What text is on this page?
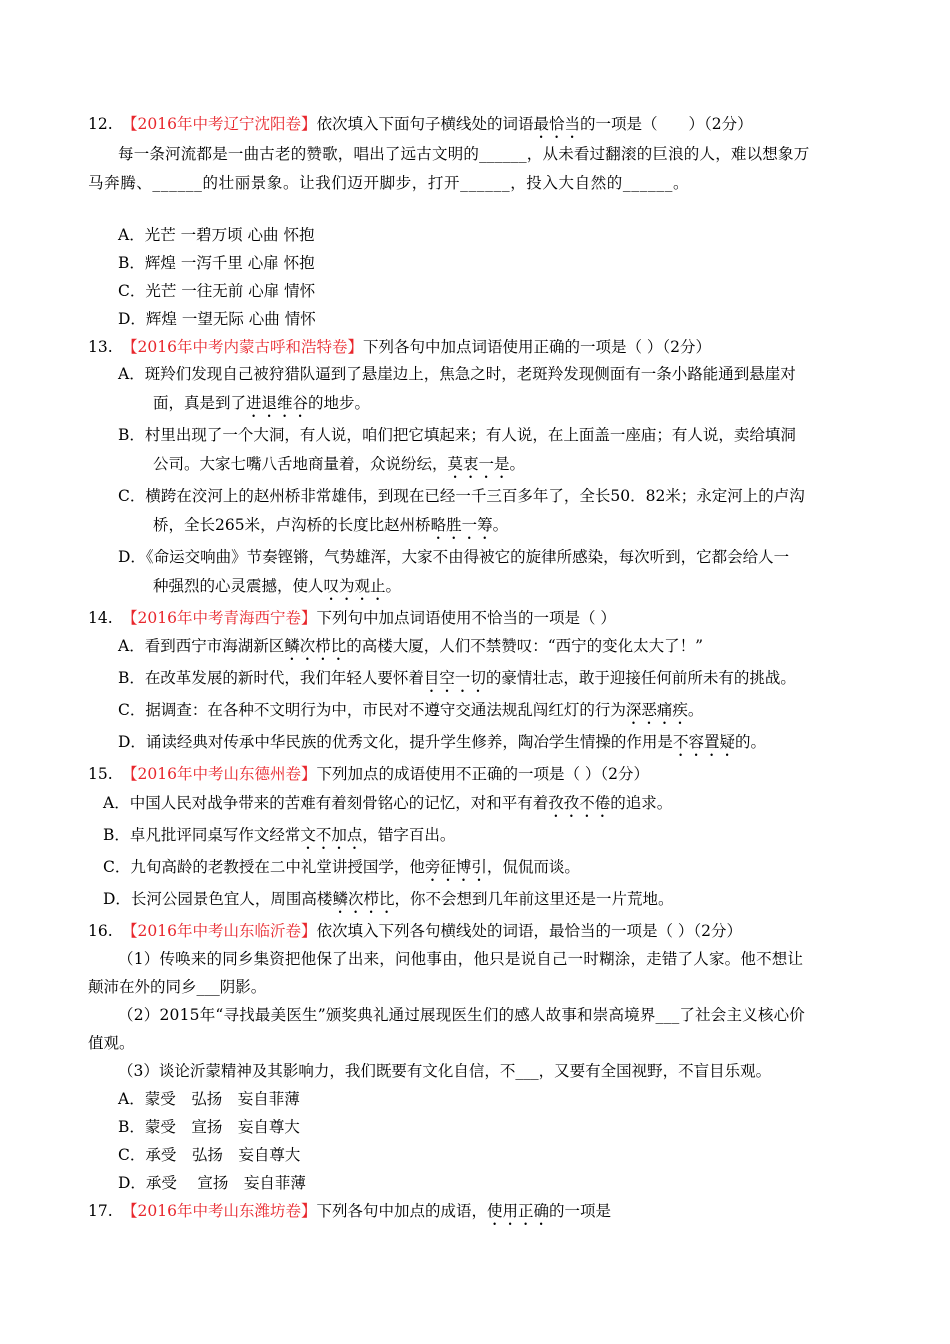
12. 【2016年中考辽宁沈阳卷】依次填入下面句子横线处的词语最恰当的一项是（　　）（2分）
每一条河流都是一曲古老的赞歌，唱出了远古文明的______，从未看过翻滚的巨浪的人，难以想象万
马奔腾、______的壮丽景象。让我们迈开脚步，打开______，投入大自然的______。
A．光芒 一碧万顷 心曲 怀抱
B．辉煌 一泻千里 心扉 怀抱
C．光芒 一往无前 心扉 情怀
D．辉煌 一望无际 心曲 情怀
13. 【2016年中考内蒙古呼和浩特卷】下列各句中加点词语使用正确的一项是（ ）（2分）
A．斑羚们发现自己被狩猎队逼到了悬崖边上，焦急之时，老斑羚发现侧面有一条小路能通到悬崖对
面，真是到了进退维谷的地步。
B．村里出现了一个大洞，有人说，咱们把它填起来；有人说，在上面盖一座庙；有人说，卖给填洞
公司。大家七嘴八舌地商量着，众说纷纭，莫衷一是。
C．横跨在洨河上的赵州桥非常雄伟，到现在已经一千三百多年了，全长50．82米；永定河上的卢沟
桥，全长265米，卢沟桥的长度比赵州桥略胜一筹。
D．《命运交响曲》节奏铿锵，气势雄浑，大家不由得被它的旋律所感染，每次听到，它都会给人一
种强烈的心灵震撼，使人叹为观止。
14. 【2016年中考青海西宁卷】下列句中加点词语使用不恰当的一项是（ ）
A．看到西宁市海湖新区鳞次栉比的高楼大厦，人们不禁赞叹：“西宁的变化太大了！”
B．在改革发展的新时代，我们年轻人要怀着目空一切的豪情壮志，敢于迎接任何前所未有的挑战。
C．据调查：在各种不文明行为中，市民对不遵守交通法规乱闯红灯的行为深恶痛疾。
D．诵读经典对传承中华民族的优秀文化，提升学生修养，陶冶学生情操的作用是不容置疑的。
15. 【2016年中考山东德州卷】下列加点的成语使用不正确的一项是（ ）（2分）
A．中国人民对战争带来的苦难有着刻骨铭心的记忆，对和平有着孜孜不倦的追求。
B．卓凡批评同桌写作文经常文不加点，错字百出。
C．九旬高龄的老教授在二中礼堂讲授国学，他旁征博引，侃侃而谈。
D．长河公园景色宜人，周围高楼鳞次栉比，你不会想到几年前这里还是一片荒地。
16. 【2016年中考山东临沂卷】依次填入下列各句横线处的词语，最恰当的一项是（ ）（2分）
（1）传唤来的同乡集资把他保了出来，问他事由，他只是说自己一时糊涂，走错了人家。他不想让
颠沛在外的同乡___阴影。
（2）2015年“寻找最美医生”颁奖典礼通过展现医生们的感人故事和崇高境界___了社会主义核心价
值观。
（3）谈论沂蒙精神及其影响力，我们既要有文化自信，不___，又要有全国视野，不盲目乐观。
A．蒙受　弘扬　妄自菲薄
B．蒙受　宣扬　妄自尊大
C．承受　弘扬　妄自尊大
D．承受　 宣扬　妄自菲薄
17. 【2016年中考山东潍坊卷】下列各句中加点的成语，使用正确的一项是
